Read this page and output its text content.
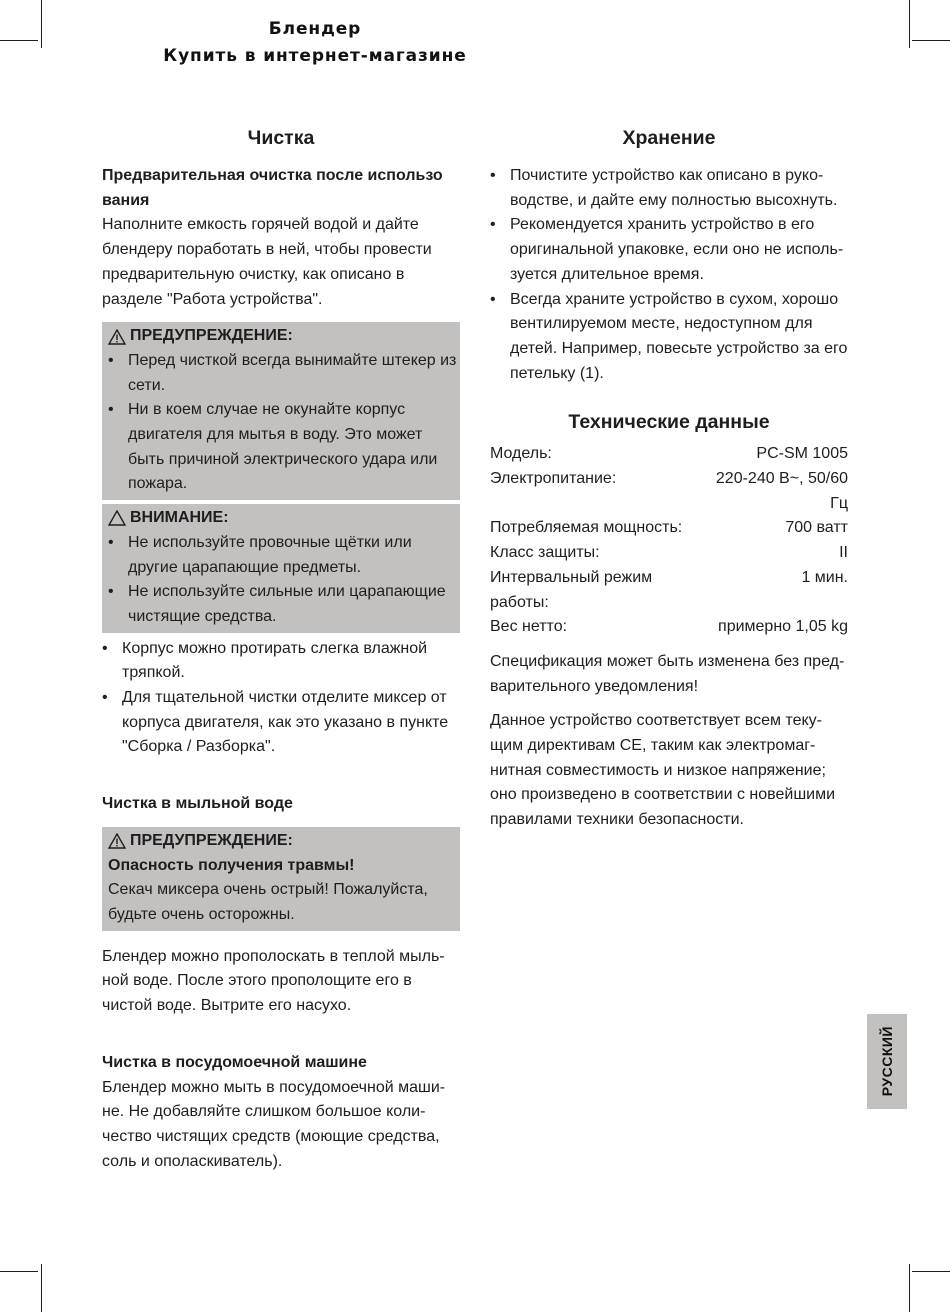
Блендер
Купить в интернет-магазине
Чистка
Предварительная очистка после использо вания

Наполните емкость горячей водой и дайте блендеру поработать в ней, чтобы провести предварительную очистку, как описано в разделе "Работа устройства".

ПРЕДУПРЕЖДЕНИЕ:
• Перед чисткой всегда вынимайте штекер из сети.
• Ни в коем случае не окунайте корпус двигателя для мытья в воду. Это может быть причиной электрического удара или пожара.
ВНИМАНИЕ:
• Не используйте провочные щётки или другие царапающие предметы.
• Не используйте сильные или царапающие чистящие средства.
• Корпус можно протирать слегка влажной тряпкой.
• Для тщательной чистки отделите миксер от корпуса двигателя, как это указано в пункте "Сборка / Разборка".
Чистка в мыльной воде
ПРЕДУПРЕЖДЕНИЕ:
Опасность получения травмы!
Секач миксера очень острый! Пожалуйста, будьте очень осторожны.

Блендер можно прополоскать в теплой мыль- ной воде. После этого прополощите его в чистой воде. Вытрите его насухо.

Чистка в посудомоечной машине

Блендер можно мыть в посудомоечной маши- не. Не добавляйте слишком большое коли- чество чистящих средств (моющие средства, соль и ополаскиватель).

Хранение
• Почистите устройство как описано в руко- водстве, и дайте ему полностью высохнуть.
• Рекомендуется хранить устройство в его оригинальной упаковке, если оно не исполь- зуется длительное время.
• Всегда храните устройство в сухом, хорошо вентилируемом месте, недоступном для детей. Например, повесьте устройство за его петельку (1).
Технические данные
Модель:	PC-SM 1005
Электропитание:	220-240 В~, 50/60 Гц
Потребляемая мощность:	700 ватт
Класс защиты:	II
Интервальный режим работы:	1 мин.
Вес нетто:	примерно 1,05 kg

Спецификация может быть изменена без пред- варительного уведомления!

Данное устройство соответствует всем теку- щим директивам CE, таким как электромаг- нитная совместимость и низкое напряжение; оно произведено в соответствии с новейшими правилами техники безопасности.

РУССКИЙ
